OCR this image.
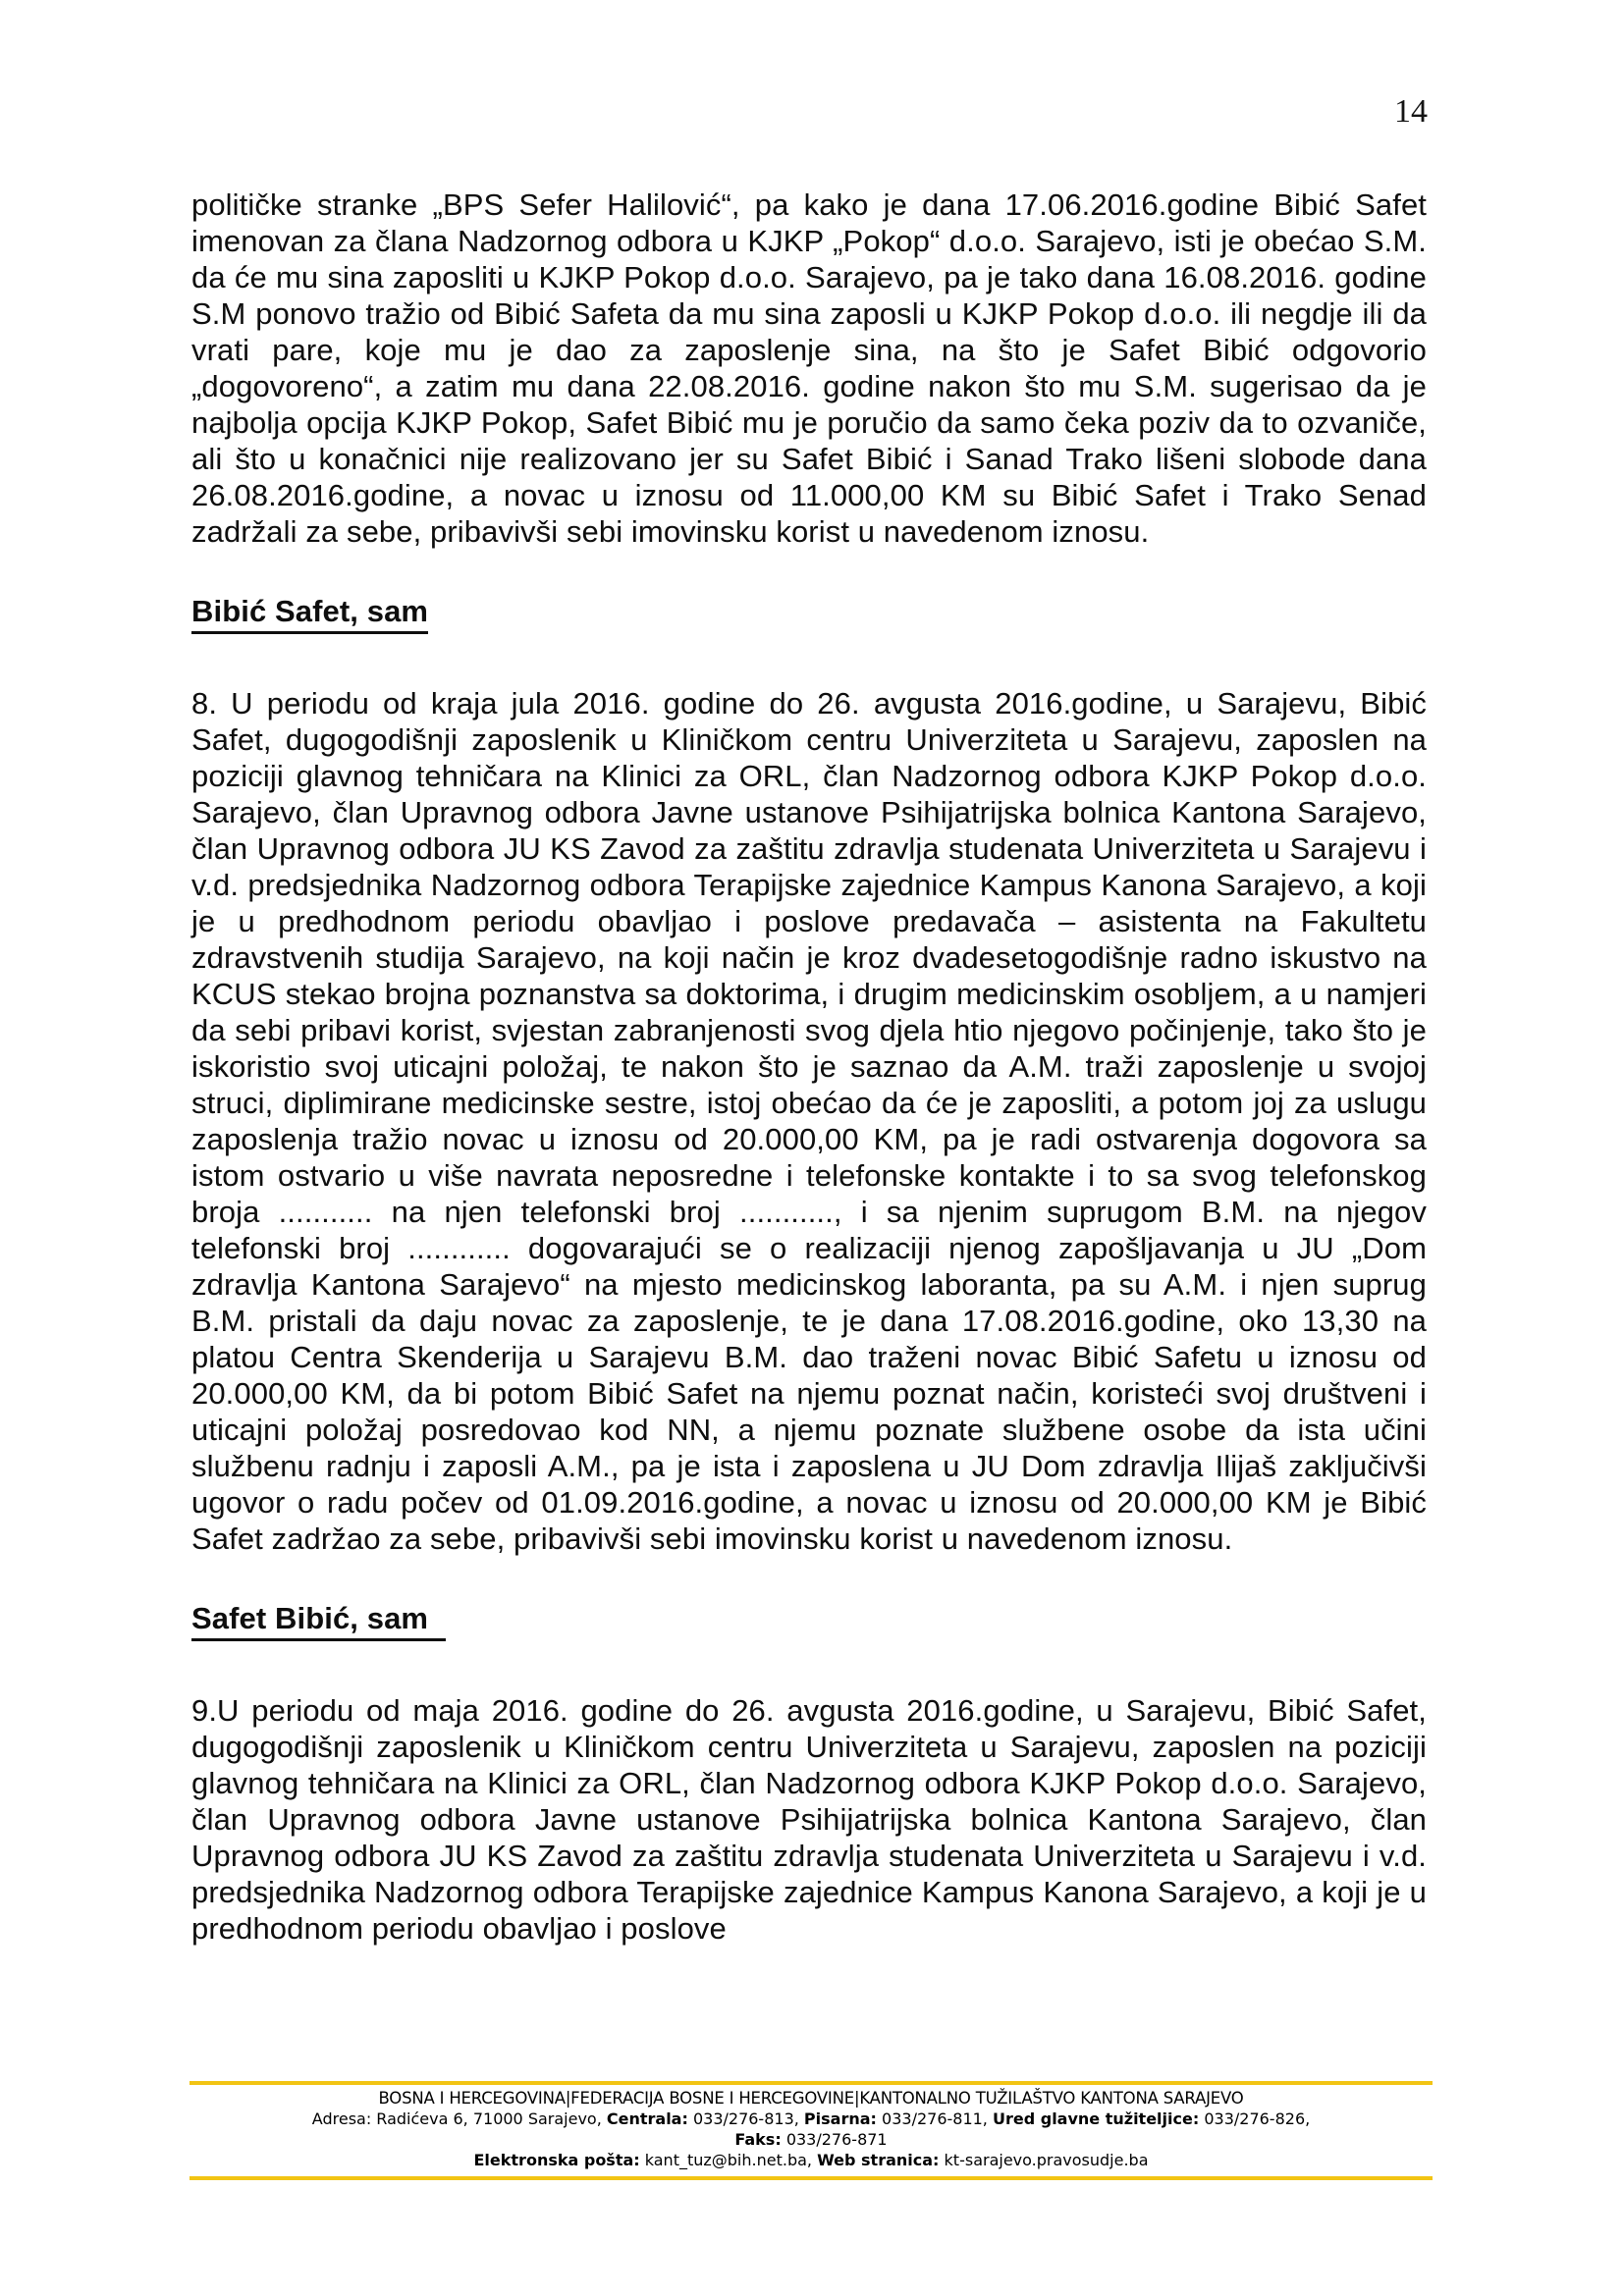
14

političke stranke „BPS Sefer Halilović“, pa kako je dana 17.06.2016.godine Bibić Safet imenovan za člana Nadzornog odbora u KJKP „Pokop“ d.o.o. Sarajevo, isti je obećao S.M. da će mu sina zaposliti u KJKP Pokop d.o.o. Sarajevo, pa je tako dana 16.08.2016. godine S.M ponovo tražio od Bibić Safeta da mu sina zaposli u KJKP Pokop d.o.o. ili negdje ili da vrati pare, koje mu je dao za zaposlenje sina, na što je Safet Bibić odgovorio „dogovoreno“, a zatim mu dana 22.08.2016. godine nakon što mu S.M. sugerisao da je najbolja opcija KJKP Pokop, Safet Bibić mu je poručio da samo čeka poziv da to ozvaniče, ali što u konačnici nije realizovano jer su Safet Bibić i Sanad Trako lišeni slobode dana 26.08.2016.godine, a novac u iznosu od 11.000,00 KM su Bibić Safet i Trako Senad zadržali za sebe, pribavivši sebi imovinsku korist u navedenom iznosu.

Bibić Safet, sam

8. U periodu od kraja jula 2016. godine do 26. avgusta 2016.godine, u Sarajevu, Bibić Safet, dugogodišnji zaposlenik u Kliničkom centru Univerziteta u Sarajevu, zaposlen na poziciji glavnog tehničara na Klinici za ORL, član Nadzornog odbora KJKP Pokop d.o.o. Sarajevo, član Upravnog odbora Javne ustanove Psihijatrijska bolnica Kantona Sarajevo, član Upravnog odbora JU KS Zavod za zaštitu zdravlja studenata Univerziteta u Sarajevu i v.d. predsjednika Nadzornog odbora Terapijske zajednice Kampus Kanona Sarajevo, a koji je u predhodnom periodu obavljao i poslove predavača – asistenta na Fakultetu zdravstvenih studija Sarajevo, na koji način je kroz dvadesetogodišnje radno iskustvo na KCUS stekao brojna poznanstva sa doktorima, i drugim medicinskim osobljem, a u namjeri da sebi pribavi korist, svjestan zabranjenosti svog djela htio njegovo počinjenje, tako što je iskoristio svoj uticajni položaj, te nakon što je saznao da A.M. traži zaposlenje u svojoj struci, diplimirane medicinske sestre, istoj obećao da će je zaposliti, a potom joj za uslugu zaposlenja tražio novac u iznosu od 20.000,00 KM, pa je radi ostvarenja dogovora sa istom ostvario u više navrata neposredne i telefonske kontakte i to sa svog telefonskog broja ........... na njen telefonski broj ..........., i sa njenim suprugom B.M. na njegov telefonski broj ............ dogovarajući se o realizaciji njenog zapošljavanja u JU „Dom zdravlja Kantona Sarajevo“ na mjesto medicinskog laboranta, pa su A.M. i njen suprug B.M. pristali da daju novac za zaposlenje, te je dana 17.08.2016.godine, oko 13,30 na platou Centra Skenderija u Sarajevu B.M. dao traženi novac Bibić Safetu u iznosu od 20.000,00 KM, da bi potom Bibić Safet na njemu poznat način, koristeći svoj društveni i uticajni položaj posredovao kod NN, a njemu poznate službene osobe da ista učini službenu radnju i zaposli A.M., pa je ista i zaposlena u JU Dom zdravlja Ilijaš zaključivši ugovor o radu počev od 01.09.2016.godine, a novac u iznosu od 20.000,00 KM je Bibić Safet zadržao za sebe, pribavivši sebi imovinsku korist u navedenom iznosu.

Safet Bibić, sam

9.U periodu od maja 2016. godine do 26. avgusta 2016.godine, u Sarajevu, Bibić Safet, dugogodišnji zaposlenik u Kliničkom centru Univerziteta u Sarajevu, zaposlen na poziciji glavnog tehničara na Klinici za ORL, član Nadzornog odbora KJKP Pokop d.o.o. Sarajevo, član Upravnog odbora Javne ustanove Psihijatrijska bolnica Kantona Sarajevo, član Upravnog odbora JU KS Zavod za zaštitu zdravlja studenata Univerziteta u Sarajevu i v.d. predsjednika Nadzornog odbora Terapijske zajednice Kampus Kanona Sarajevo, a koji je u predhodnom periodu obavljao i poslove

BOSNA I HERCEGOVINA|FEDERACIJA BOSNE I HERCEGOVINE|KANTONALNO TUŽILAŠTVO KANTONA SARAJEVO

Adresa: Radićeva 6, 71000 Sarajevo, Centrala: 033/276-813, Pisarna: 033/276-811, Ured glavne tužiteljice: 033/276-826,

Faks: 033/276-871

Elektronska pošta: kant_tuz@bih.net.ba, Web stranica: kt-sarajevo.pravosudje.ba
